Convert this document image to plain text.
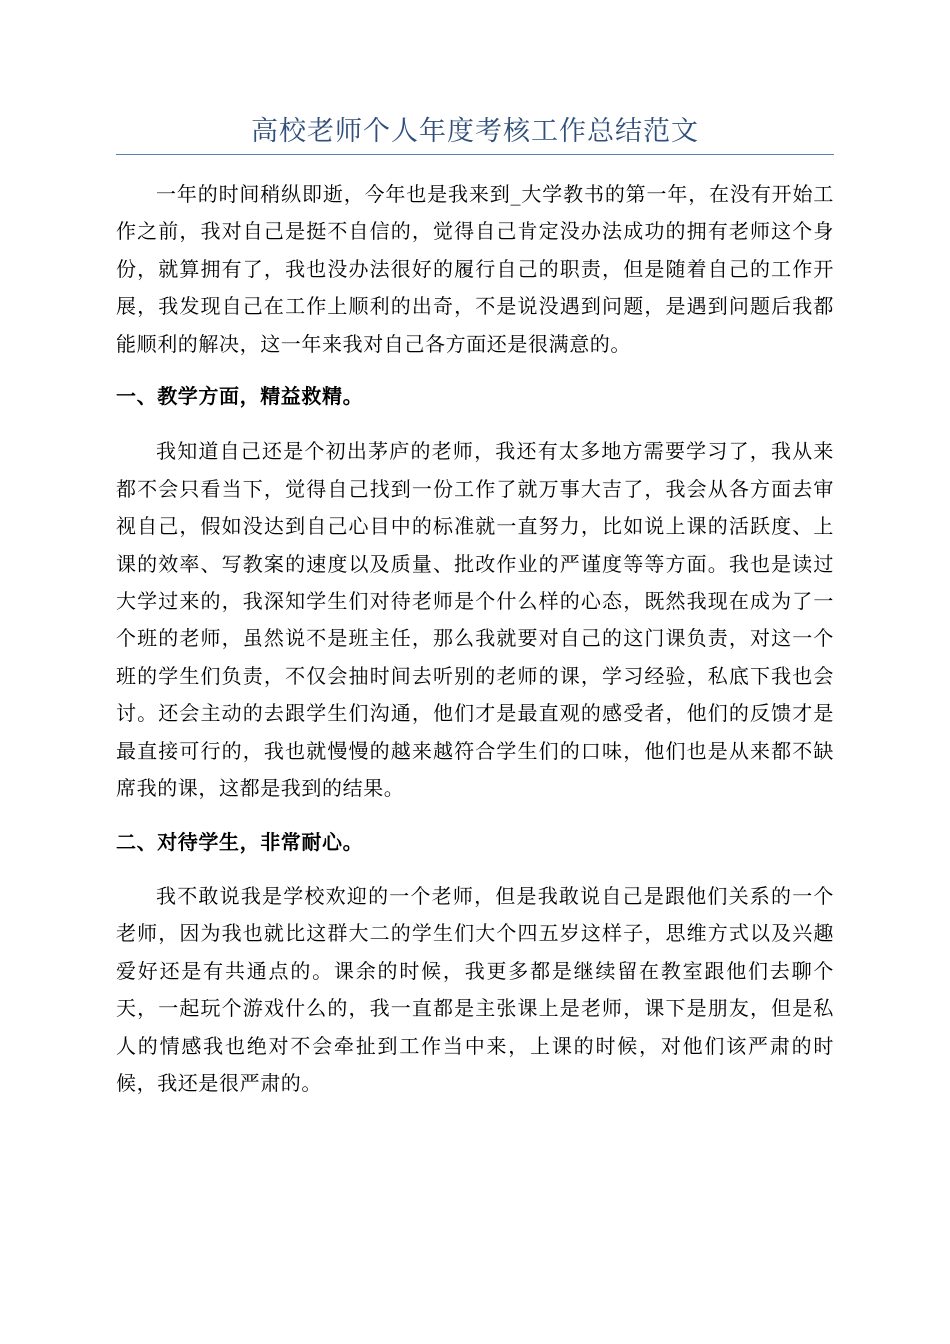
高校老师个人年度考核工作总结范文

一年的时间稍纵即逝，今年也是我来到_大学教书的第一年，在没有开始工作之前，我对自己是挺不自信的，觉得自己肯定没办法成功的拥有老师这个身份，就算拥有了，我也没办法很好的履行自己的职责，但是随着自己的工作开展，我发现自己在工作上顺利的出奇，不是说没遇到问题，是遇到问题后我都能顺利的解决，这一年来我对自己各方面还是很满意的。

一、教学方面，精益救精。

我知道自己还是个初出茅庐的老师，我还有太多地方需要学习了，我从来都不会只看当下，觉得自己找到一份工作了就万事大吉了，我会从各方面去审视自己，假如没达到自己心目中的标准就一直努力，比如说上课的活跃度、上课的效率、写教案的速度以及质量、批改作业的严谨度等等方面。我也是读过大学过来的，我深知学生们对待老师是个什么样的心态，既然我现在成为了一个班的老师，虽然说不是班主任，那么我就要对自己的这门课负责，对这一个班的学生们负责，不仅会抽时间去听别的老师的课，学习经验，私底下我也会讨。还会主动的去跟学生们沟通，他们才是最直观的感受者，他们的反馈才是最直接可行的，我也就慢慢的越来越符合学生们的口味，他们也是从来都不缺席我的课，这都是我到的结果。

二、对待学生，非常耐心。

我不敢说我是学校欢迎的一个老师，但是我敢说自己是跟他们关系的一个老师，因为我也就比这群大二的学生们大个四五岁这样子，思维方式以及兴趣爱好还是有共通点的。课余的时候，我更多都是继续留在教室跟他们去聊个天，一起玩个游戏什么的，我一直都是主张课上是老师，课下是朋友，但是私人的情感我也绝对不会牵扯到工作当中来，上课的时候，对他们该严肃的时候，我还是很严肃的。
